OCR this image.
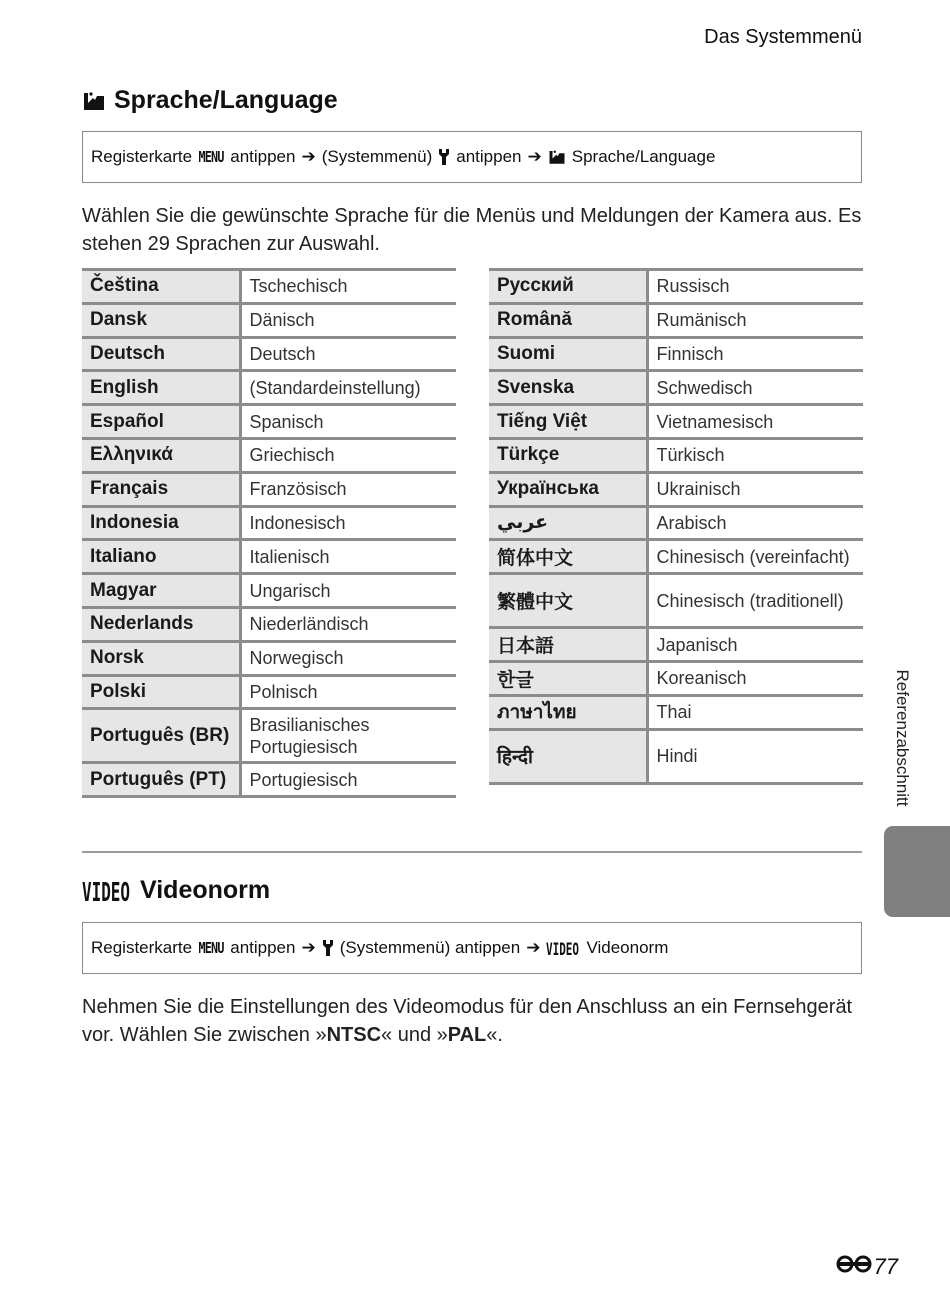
Das Systemmenü
Sprache/Language
Registerkarte MENU antippen ➔ (Systemmenü) antippen ➔ Sprache/Language

Wählen Sie die gewünschte Sprache für die Menüs und Meldungen der Kamera aus. Es stehen 29 Sprachen zur Auswahl.

Čeština	Tschechisch
Dansk	Dänisch
Deutsch	Deutsch
English	(Standardeinstellung)
Español	Spanisch
Ελληνικά	Griechisch
Français	Französisch
Indonesia	Indonesisch
Italiano	Italienisch
Magyar	Ungarisch
Nederlands	Niederländisch
Norsk	Norwegisch
Polski	Polnisch
Português (BR)	Brasilianisches Portugiesisch
Português (PT)	Portugiesisch
Русский	Russisch
Română	Rumänisch
Suomi	Finnisch
Svenska	Schwedisch
Tiếng Việt	Vietnamesisch
Türkçe	Türkisch
Українська	Ukrainisch
عربي	Arabisch
简体中文	Chinesisch (vereinfacht)
繁體中文	Chinesisch (traditionell)
日本語	Japanisch
한글	Koreanisch
ภาษาไทย	Thai
हिन्दी	Hindi
VIDEO Videonorm
Registerkarte MENU antippen ➔ (Systemmenü) antippen ➔ VIDEO Videonorm

Nehmen Sie die Einstellungen des Videomodus für den Anschluss an ein Fernsehgerät vor. Wählen Sie zwischen »NTSC« und »PAL«.

Referenzabschnitt
77
